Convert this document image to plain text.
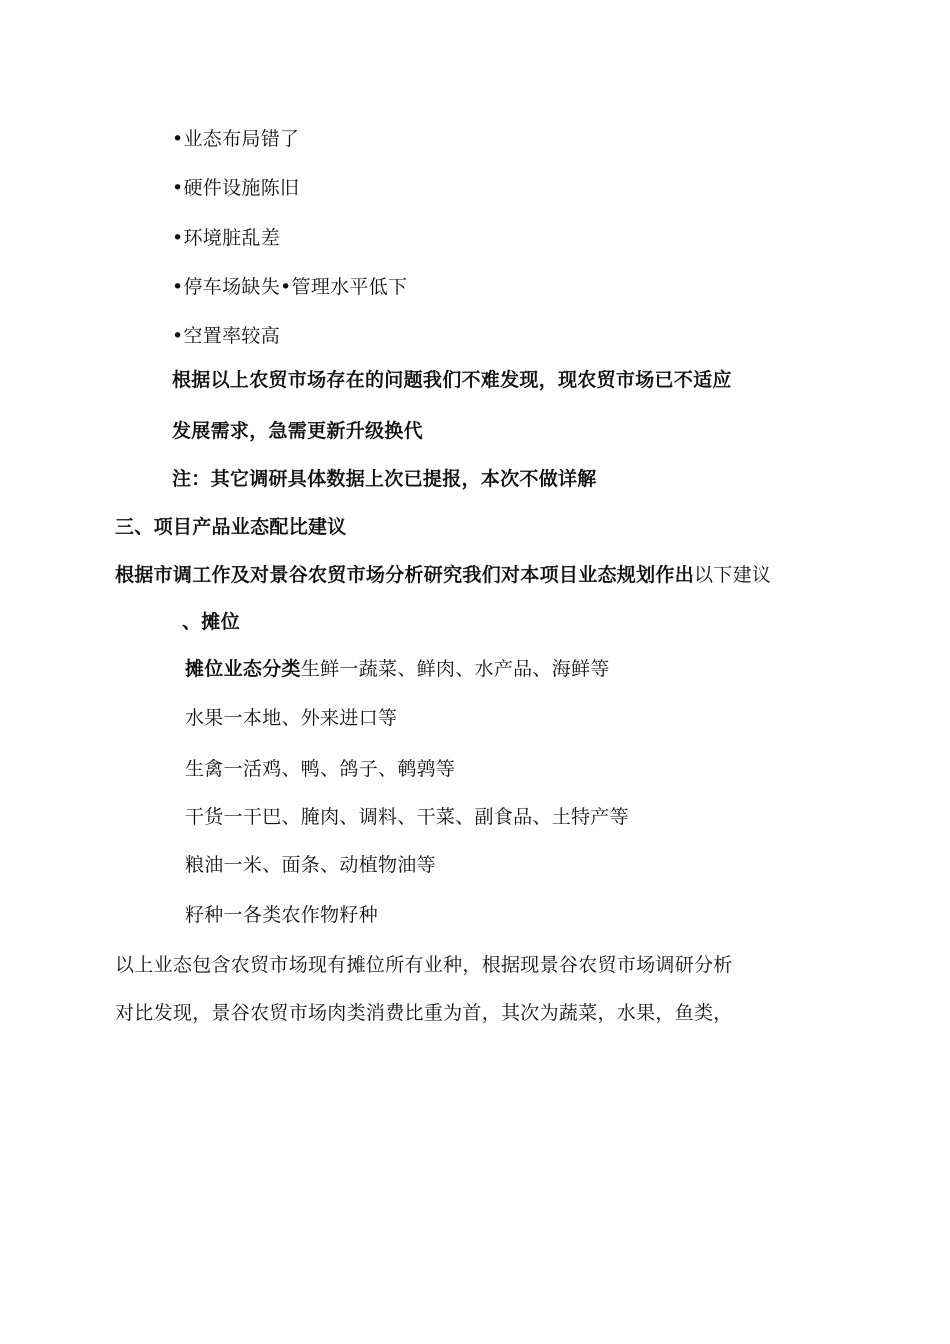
•业态布局错了
•硬件设施陈旧
•环境脏乱差
•停车场缺失•管理水平低下
•空置率较高
根据以上农贸市场存在的问题我们不难发现，现农贸市场已不适应
发展需求，急需更新升级换代
注：其它调研具体数据上次已提报，本次不做详解
三、项目产品业态配比建议
根据市调工作及对景谷农贸市场分析研究我们对本项目业态规划作出以下建议
、摊位
摊位业态分类生鲜一蔬菜、鲜肉、水产品、海鲜等
水果一本地、外来进口等
生禽一活鸡、鸭、鸽子、鹌鹑等
干货一干巴、腌肉、调料、干菜、副食品、土特产等
粮油一米、面条、动植物油等
籽种一各类农作物籽种
以上业态包含农贸市场现有摊位所有业种，根据现景谷农贸市场调研分析
对比发现，景谷农贸市场肉类消费比重为首，其次为蔬菜，水果，鱼类，
